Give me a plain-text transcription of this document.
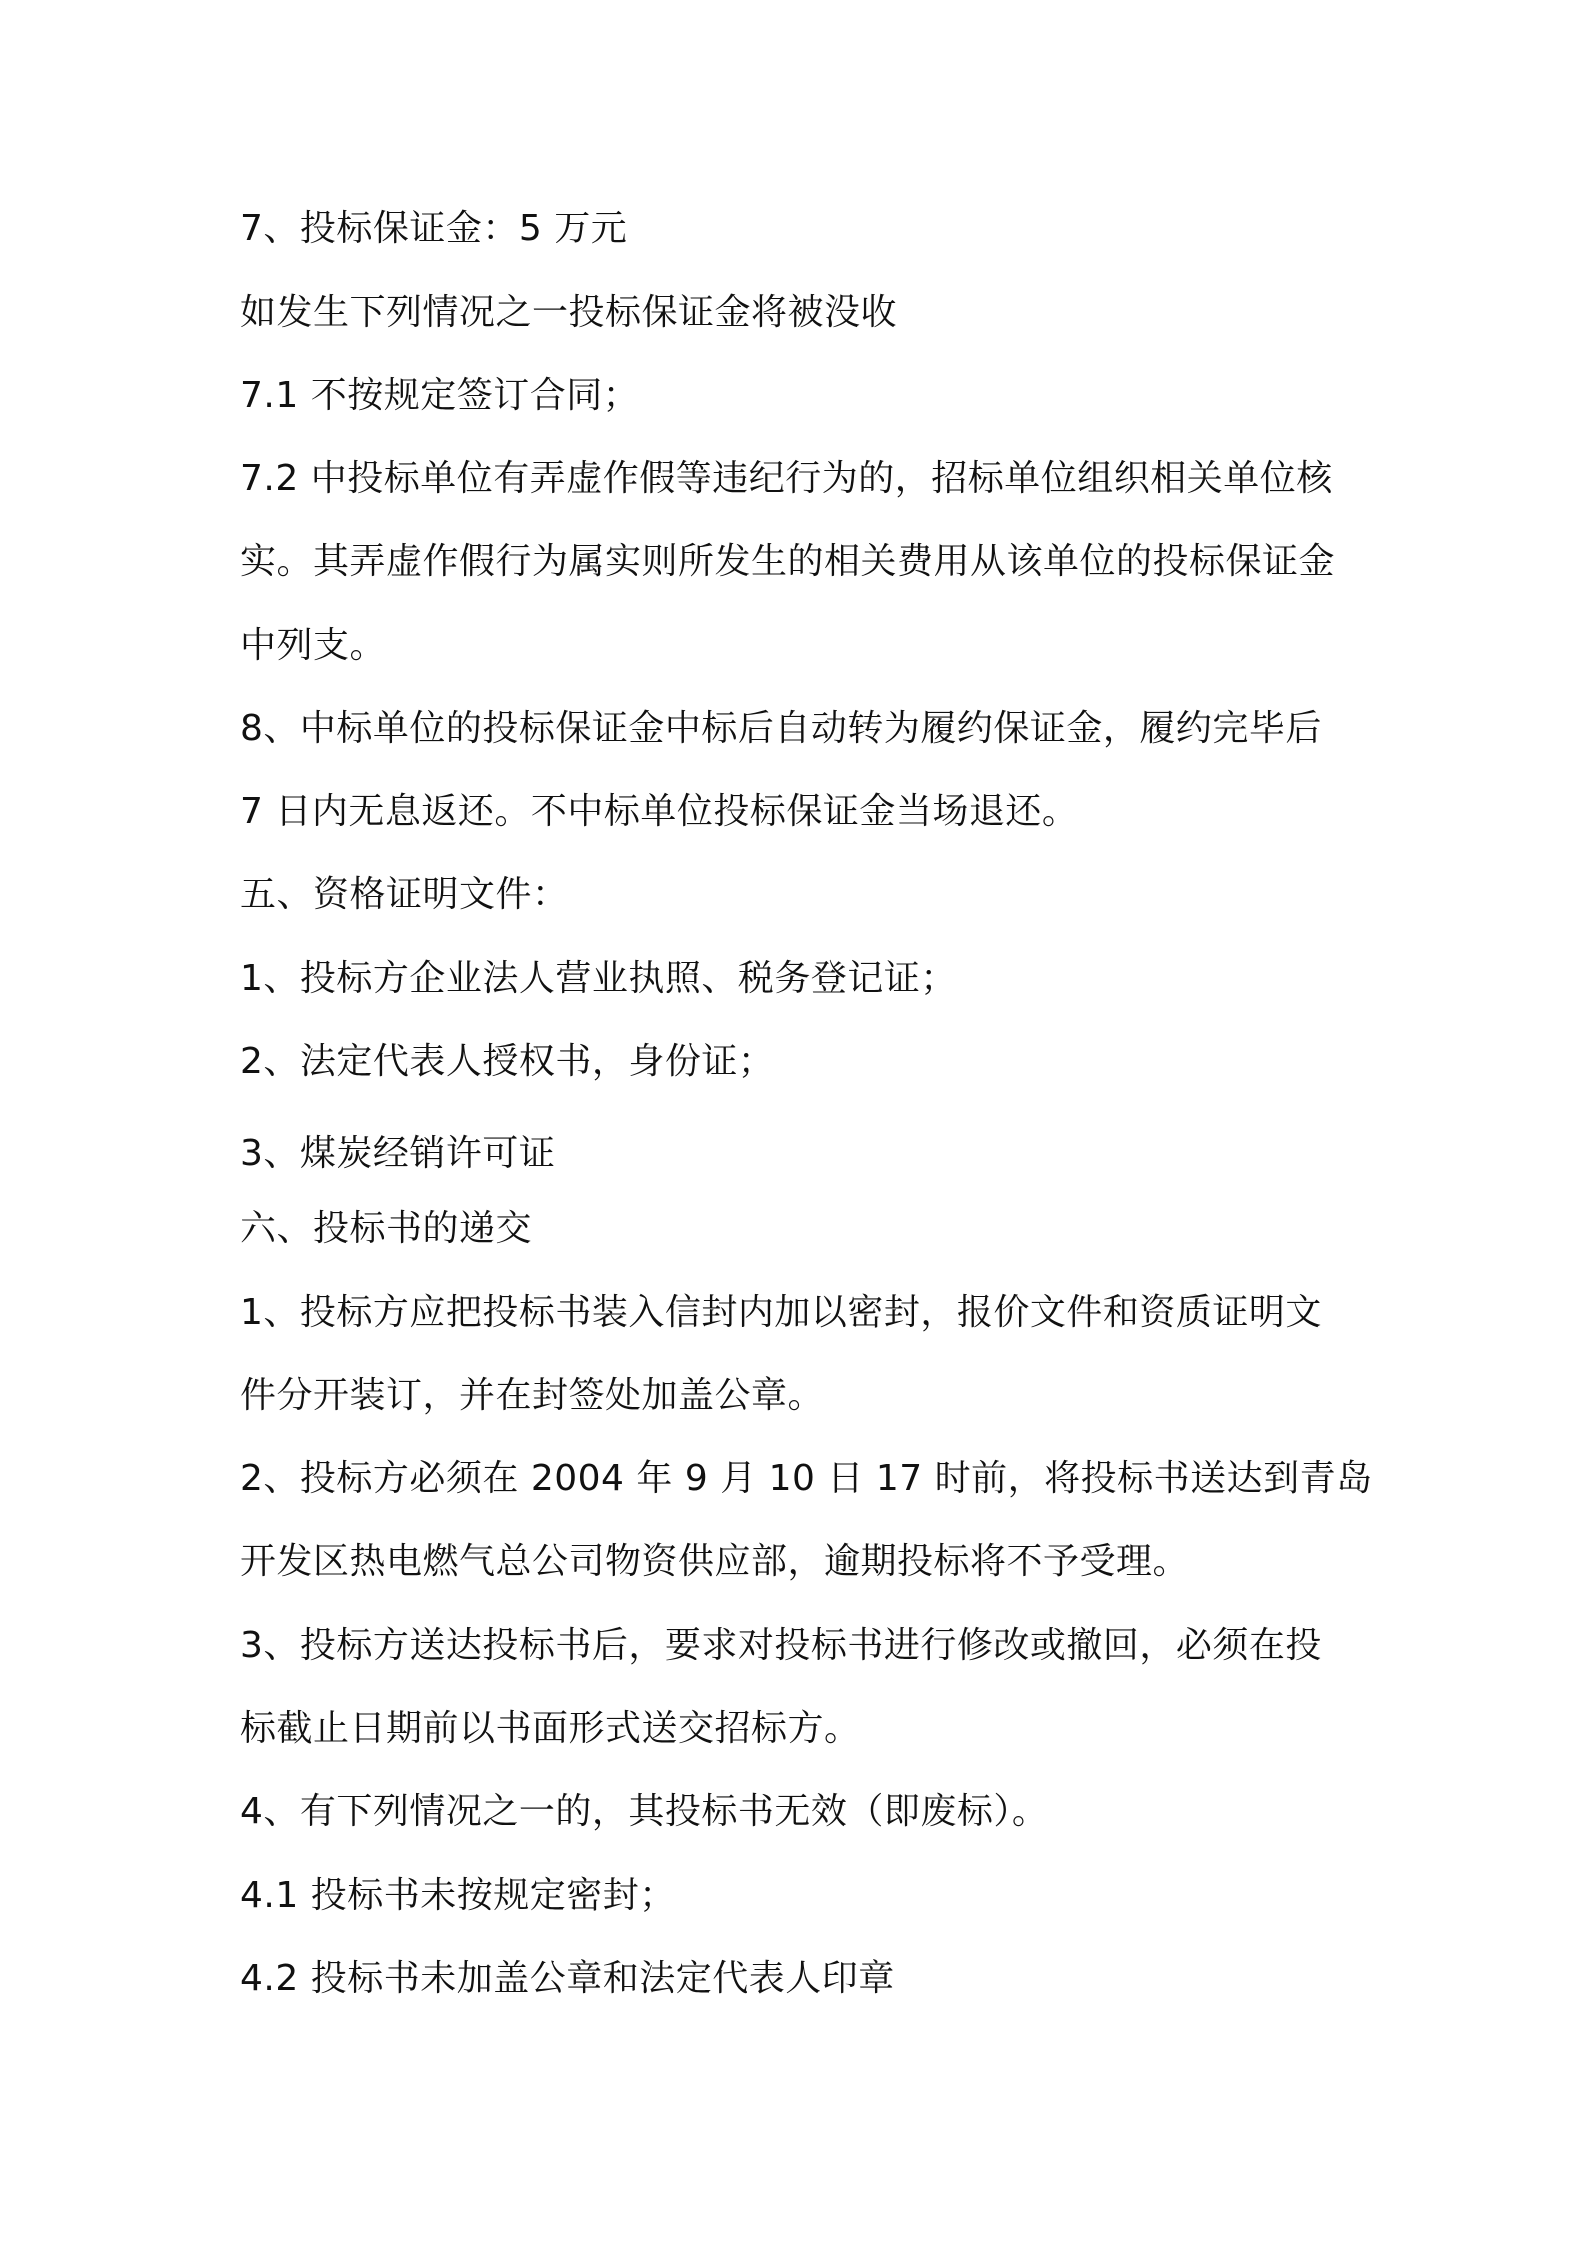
7、投标保证金：5 万元
如发生下列情况之一投标保证金将被没收
7.1 不按规定签订合同；
7.2 中投标单位有弄虚作假等违纪行为的，招标单位组织相关单位核
实。其弄虚作假行为属实则所发生的相关费用从该单位的投标保证金
中列支。
8、中标单位的投标保证金中标后自动转为履约保证金，履约完毕后
7 日内无息返还。不中标单位投标保证金当场退还。
五、资格证明文件：
1、投标方企业法人营业执照、税务登记证；
2、法定代表人授权书，身份证；
3、煤炭经销许可证
六、投标书的递交
1、投标方应把投标书装入信封内加以密封，报价文件和资质证明文
件分开装订，并在封签处加盖公章。
2、投标方必须在 2004 年 9 月 10 日 17 时前，将投标书送达到青岛
开发区热电燃气总公司物资供应部，逾期投标将不予受理。
3、投标方送达投标书后，要求对投标书进行修改或撤回，必须在投
标截止日期前以书面形式送交招标方。
4、有下列情况之一的，其投标书无效（即废标）。
4.1 投标书未按规定密封；
4.2 投标书未加盖公章和法定代表人印章
